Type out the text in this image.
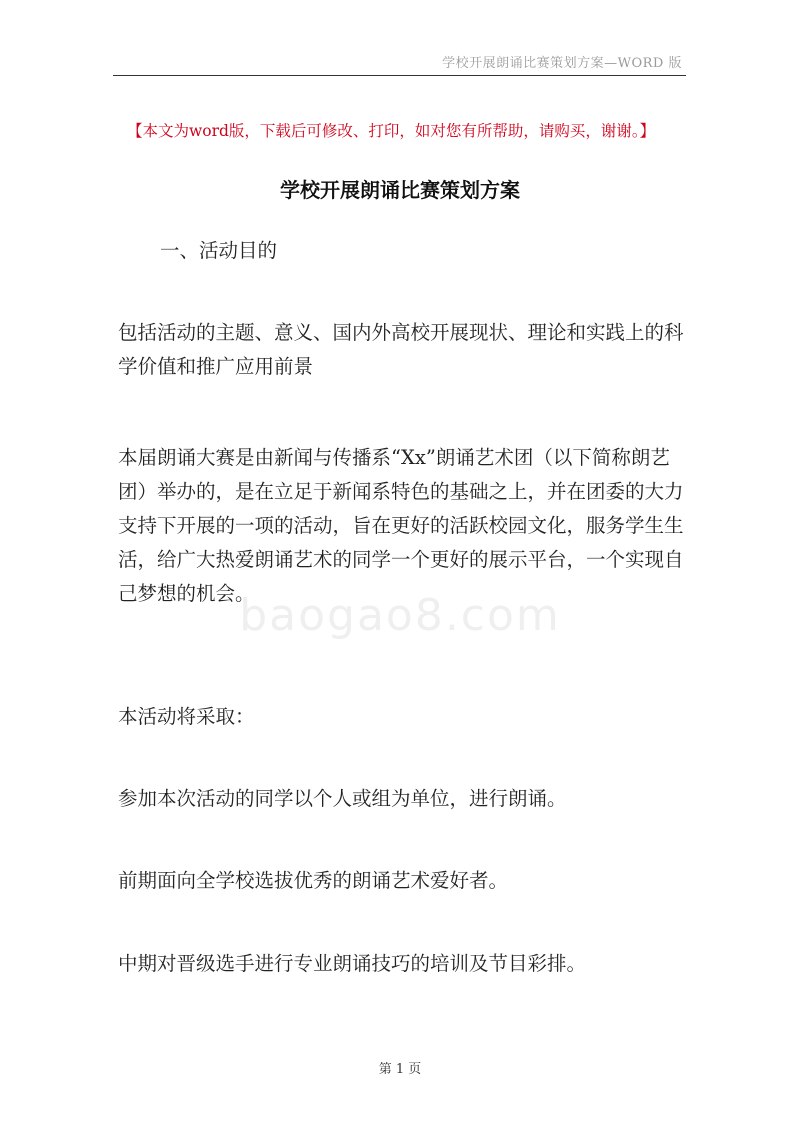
学校开展朗诵比赛策划方案—WORD 版
【本文为word版，下载后可修改、打印，如对您有所帮助，请购买，谢谢。】
学校开展朗诵比赛策划方案
一、活动目的
包括活动的主题、意义、国内外高校开展现状、理论和实践上的科学价值和推广应用前景
本届朗诵大赛是由新闻与传播系“Xx”朗诵艺术团（以下简称朗艺团）举办的，是在立足于新闻系特色的基础之上，并在团委的大力支持下开展的一项的活动，旨在更好的活跃校园文化，服务学生生活，给广大热爱朗诵艺术的同学一个更好的展示平台，一个实现自己梦想的机会。
本活动将采取：
参加本次活动的同学以个人或组为单位，进行朗诵。
前期面向全学校选拔优秀的朗诵艺术爱好者。
中期对晋级选手进行专业朗诵技巧的培训及节目彩排。
baogao8.com
第 1 页
